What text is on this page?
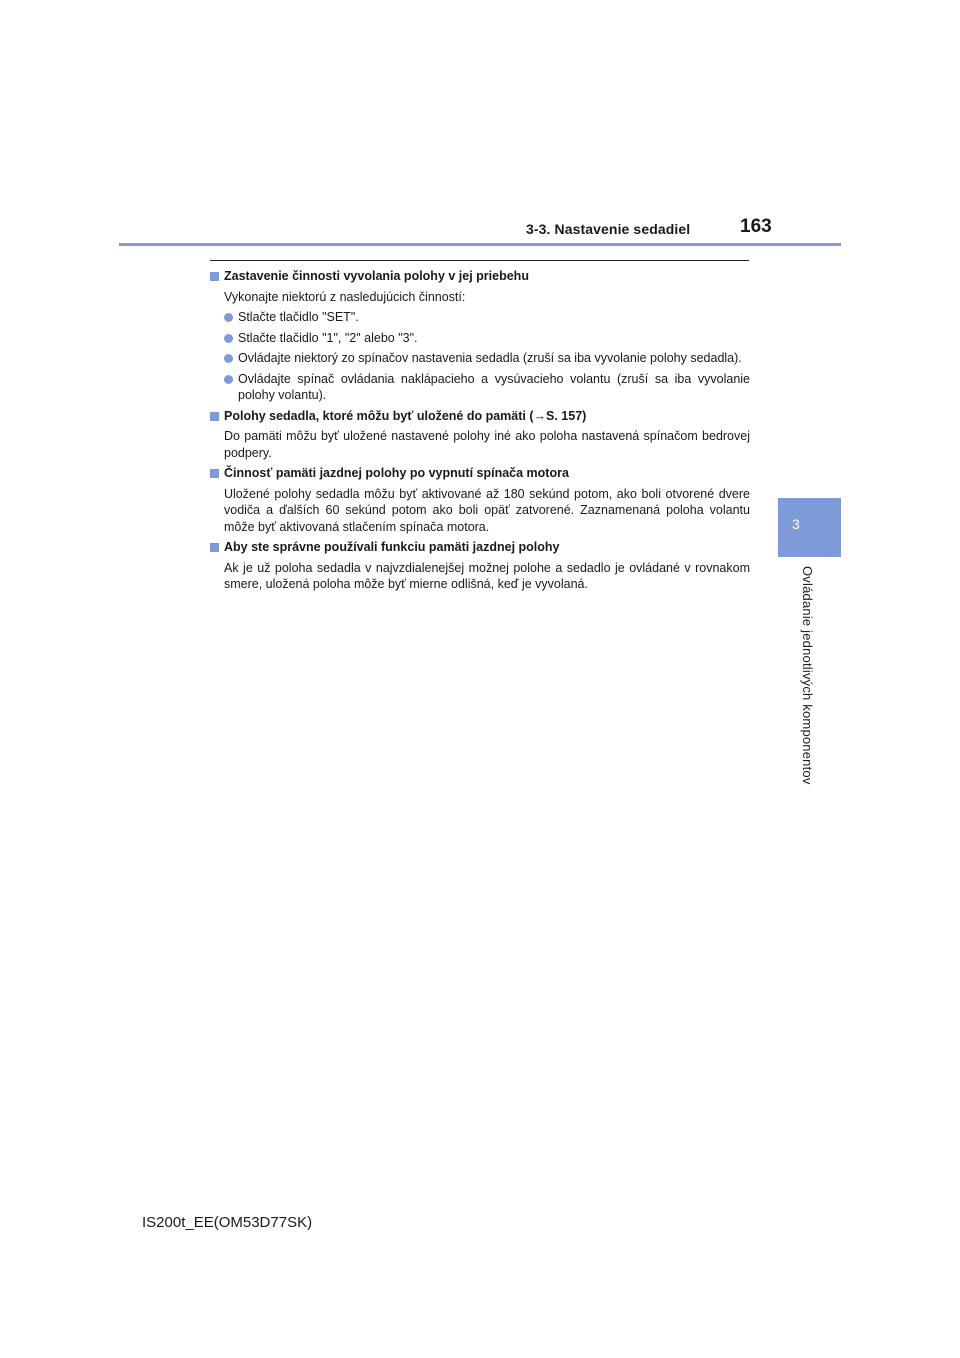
3-3. Nastavenie sedadiel	163
3
Ovládanie jednotlivých komponentov
Zastavenie činnosti vyvolania polohy v jej priebehu
Vykonajte niektorú z nasledujúcich činností:
Stlačte tlačidlo "SET".
Stlačte tlačidlo "1", "2" alebo "3".
Ovládajte niektorý zo spínačov nastavenia sedadla (zruší sa iba vyvolanie polohy sedadla).
Ovládajte spínač ovládania naklápacieho a vysúvacieho volantu (zruší sa iba vyvolanie polohy volantu).
Polohy sedadla, ktoré môžu byť uložené do pamäti (→S. 157)
Do pamäti môžu byť uložené nastavené polohy iné ako poloha nastavená spínačom bedrovej podpery.
Činnosť pamäti jazdnej polohy po vypnutí spínača motora
Uložené polohy sedadla môžu byť aktivované až 180 sekúnd potom, ako boli otvorené dvere vodiča a ďalších 60 sekúnd potom ako boli opäť zatvorené. Zaznamenaná poloha volantu môže byť aktivovaná stlačením spínača motora.
Aby ste správne používali funkciu pamäti jazdnej polohy
Ak je už poloha sedadla v najvzdialenejšej možnej polohe a sedadlo je ovládané v rovnakom smere, uložená poloha môže byť mierne odlišná, keď je vyvolaná.
IS200t_EE(OM53D77SK)
